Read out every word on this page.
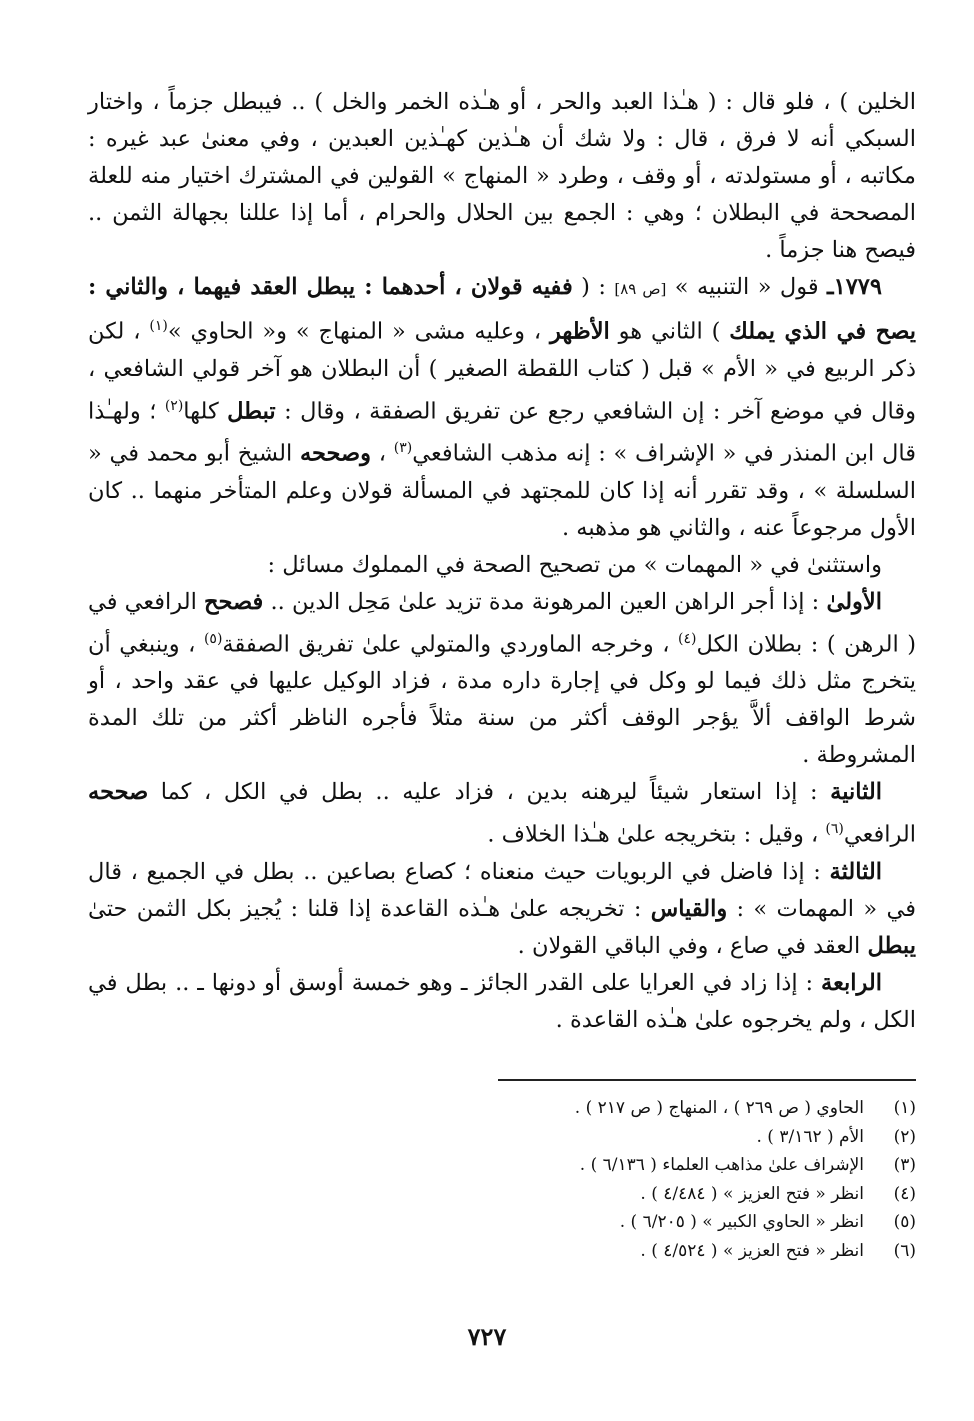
الخلين ) ، فلو قال : ( هـٰذا العبد والحر ، أو هـٰذه الخمر والخل ) .. فيبطل جزماً ، واختار السبكي أنه لا فرق ، قال : ولا شك أن هـٰذين كهـٰذين العبدين ، وفي معنىٰ عبد غيره : مكاتبه ، أو مستولدته ، أو وقف ، وطرد « المنهاج » القولين في المشترك اختيار منه للعلة المصححة في البطلان ؛ وهي : الجمع بين الحلال والحرام ، أما إذا عللنا بجهالة الثمن .. فيصح هنا جزماً .

١٧٧٩ـ قول « التنبيه » [ص ٨٩] : ( ففيه قولان ، أحدهما : يبطل العقد فيهما ، والثاني : يصح في الذي يملك ) الثاني هو الأظهر ، وعليه مشى « المنهاج » و« الحاوي »$^{(١)}$ ، لكن ذكر الربيع في « الأم » قبل ( كتاب اللقطة الصغير ) أن البطلان هو آخر قولي الشافعي ، وقال في موضع آخر : إن الشافعي رجع عن تفريق الصفقة ، وقال : تبطل كلها$^{(٢)}$ ؛ ولهـٰذا قال ابن المنذر في « الإشراف » : إنه مذهب الشافعي$^{(٣)}$ ، وصححه الشيخ أبو محمد في « السلسلة » ، وقد تقرر أنه إذا كان للمجتهد في المسألة قولان وعلم المتأخر منهما .. كان الأول مرجوعاً عنه ، والثاني هو مذهبه .

واستثنىٰ في « المهمات » من تصحيح الصحة في المملوك مسائل :

الأولىٰ : إذا أجر الراهن العين المرهونة مدة تزيد علىٰ مَحِل الدين .. فصحح الرافعي في ( الرهن ) : بطلان الكل$^{(٤)}$ ، وخرجه الماوردي والمتولي علىٰ تفريق الصفقة$^{(٥)}$ ، وينبغي أن يتخرج مثل ذلك فيما لو وكل في إجارة داره مدة ، فزاد الوكيل عليها في عقد واحد ، أو شرط الواقف ألاَّ يؤجر الوقف أكثر من سنة مثلاً فأجره الناظر أكثر من تلك المدة المشروطة .

الثانية : إذا استعار شيئاً ليرهنه بدين ، فزاد عليه .. بطل في الكل ، كما صححه الرافعي$^{(٦)}$ ، وقيل : بتخريجه علىٰ هـٰذا الخلاف .

الثالثة : إذا فاضل في الربويات حيث منعناه ؛ كصاع بصاعين .. بطل في الجميع ، قال في « المهمات » : والقياس : تخريجه علىٰ هـٰذه القاعدة إذا قلنا : يُجيز بكل الثمن حتىٰ يبطل العقد في صاع ، وفي الباقي القولان .

الرابعة : إذا زاد في العرايا على القدر الجائز ـ وهو خمسة أوسق أو دونها ـ .. بطل في الكل ، ولم يخرجوه علىٰ هـٰذه القاعدة .

(١)
الحاوي ( ص ٢٦٩ ) ، المنهاج ( ص ٢١٧ ) .
(٢)
الأم ( ٣/١٦٢ ) .
(٣)
الإشراف علىٰ مذاهب العلماء ( ٦/١٣٦ ) .
(٤)
انظر « فتح العزيز » ( ٤/٤٨٤ ) .
(٥)
انظر « الحاوي الكبير » ( ٦/٢٠٥ ) .
(٦)
انظر « فتح العزيز » ( ٤/٥٢٤ ) .
٧٢٧
